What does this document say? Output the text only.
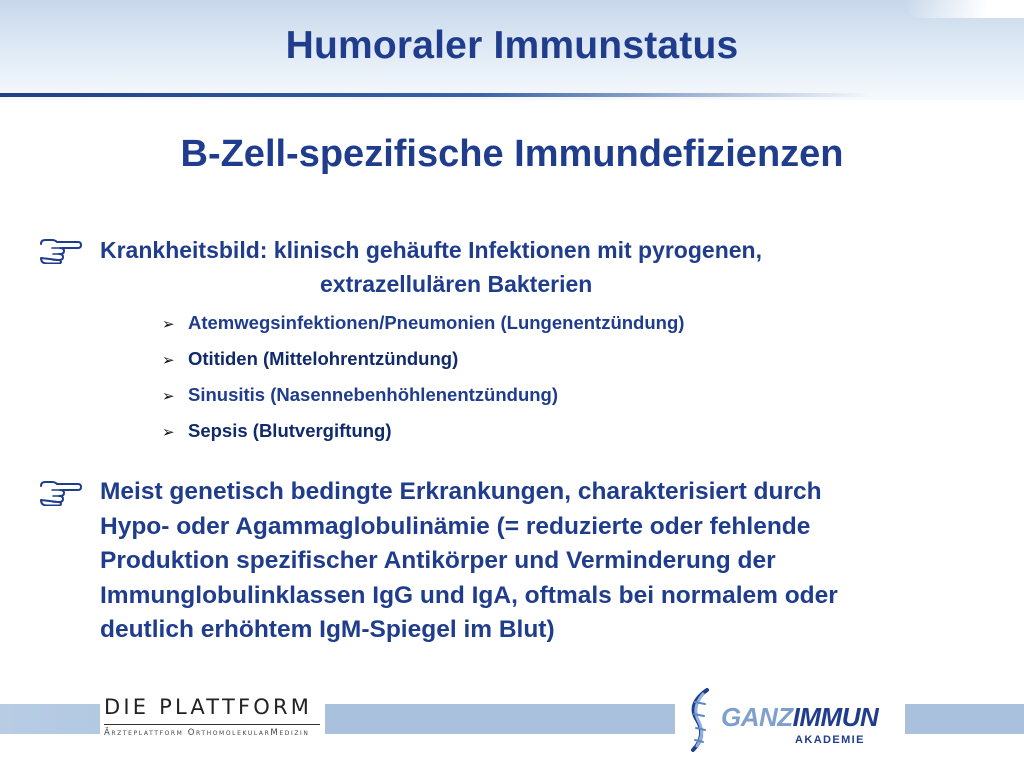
Humoraler Immunstatus
B-Zell-spezifische Immundefizienzen
Krankheitsbild: klinisch gehäufte Infektionen mit pyrogenen,
extrazellulären Bakterien
➢ Atemwegsinfektionen/Pneumonien (Lungenentzündung)
➢ Otitiden (Mittelohrentzündung)
➢ Sinusitis (Nasennebenhöhlenentzündung)
➢ Sepsis (Blutvergiftung)
Meist genetisch bedingte Erkrankungen, charakterisiert durch
Hypo- oder Agammaglobulinämie (= reduzierte oder fehlende
Produktion spezifischer Antikörper und Verminderung der
Immunglobulinklassen IgG und IgA, oftmals bei normalem oder
deutlich erhöhtem IgM-Spiegel im Blut)
DIE PLATTFORM
Ärzteplattform OrthomolekularMedizin
GANZIMMUN
AKADEMIE
